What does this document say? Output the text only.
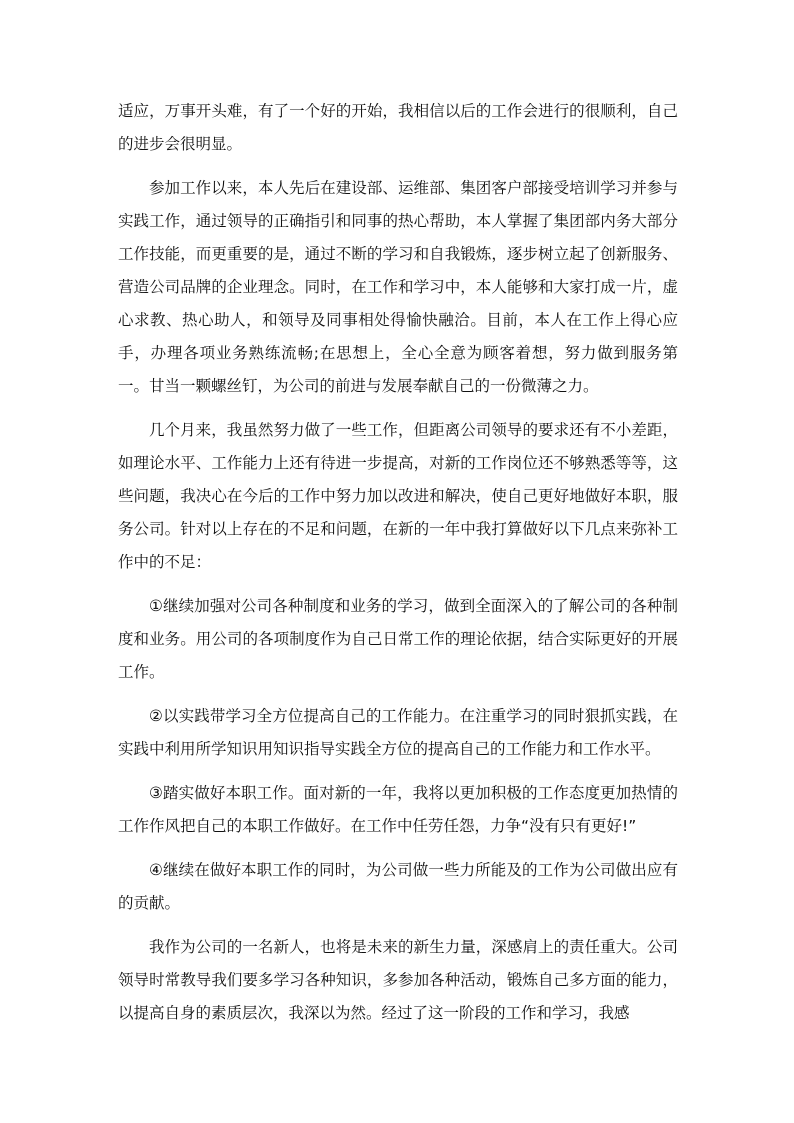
适应，万事开头难，有了一个好的开始，我相信以后的工作会进行的很顺利，自己的进步会很明显。

参加工作以来，本人先后在建设部、运维部、集团客户部接受培训学习并参与实践工作，通过领导的正确指引和同事的热心帮助，本人掌握了集团部内务大部分工作技能，而更重要的是，通过不断的学习和自我锻炼，逐步树立起了创新服务、营造公司品牌的企业理念。同时，在工作和学习中，本人能够和大家打成一片，虚心求教、热心助人，和领导及同事相处得愉快融洽。目前，本人在工作上得心应手，办理各项业务熟练流畅;在思想上，全心全意为顾客着想，努力做到服务第一。甘当一颗螺丝钉，为公司的前进与发展奉献自己的一份微薄之力。

几个月来，我虽然努力做了一些工作，但距离公司领导的要求还有不小差距，如理论水平、工作能力上还有待进一步提高，对新的工作岗位还不够熟悉等等，这些问题，我决心在今后的工作中努力加以改进和解决，使自己更好地做好本职，服务公司。针对以上存在的不足和问题，在新的一年中我打算做好以下几点来弥补工作中的不足：

①继续加强对公司各种制度和业务的学习，做到全面深入的了解公司的各种制度和业务。用公司的各项制度作为自己日常工作的理论依据，结合实际更好的开展工作。

②以实践带学习全方位提高自己的工作能力。在注重学习的同时狠抓实践，在实践中利用所学知识用知识指导实践全方位的提高自己的工作能力和工作水平。

③踏实做好本职工作。面对新的一年，我将以更加积极的工作态度更加热情的工作作风把自己的本职工作做好。在工作中任劳任怨，力争“没有只有更好!”

④继续在做好本职工作的同时，为公司做一些力所能及的工作为公司做出应有的贡献。

我作为公司的一名新人，也将是未来的新生力量，深感肩上的责任重大。公司领导时常教导我们要多学习各种知识，多参加各种活动，锻炼自己多方面的能力，以提高自身的素质层次，我深以为然。经过了这一阶段的工作和学习，我感
